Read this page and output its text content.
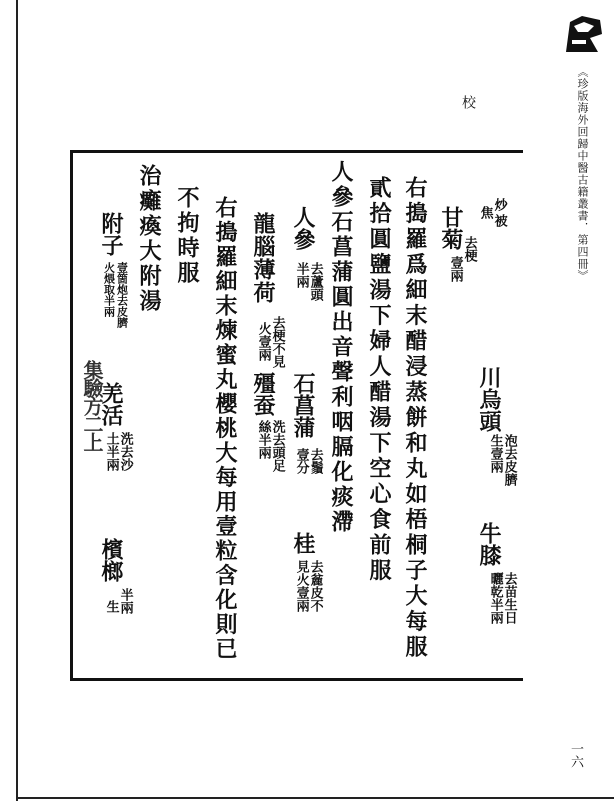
《珍版海外回歸中醫古籍叢書．第四冊》
一六
校
川烏頭
泡去皮臍
生壹兩
牛膝
去苗生日
曬乾半兩
炒
焦
被
甘菊
去梗
壹兩
右搗羅爲細末醋浸蒸餅和丸如梧桐子大每服
貳拾圓鹽湯下婦人醋湯下空心食前服
人參石菖蒲圓出音聲利咽膈化痰滯
人參
去蘆頭
半兩
石菖蒲
去鬚
壹分
桂
去麄皮不
見火壹兩
龍腦薄荷
去梗不見
火壹兩
殭蚕
洗去頭足
絲半兩
右搗羅細末煉蜜丸櫻桃大每用壹粒含化則已
不拘時服
治癱瘓大附湯
附子
壹箇炮去皮臍
火煨取半兩
羌活
洗去沙
土半兩
檳榔
半兩
生
集驗方二上
